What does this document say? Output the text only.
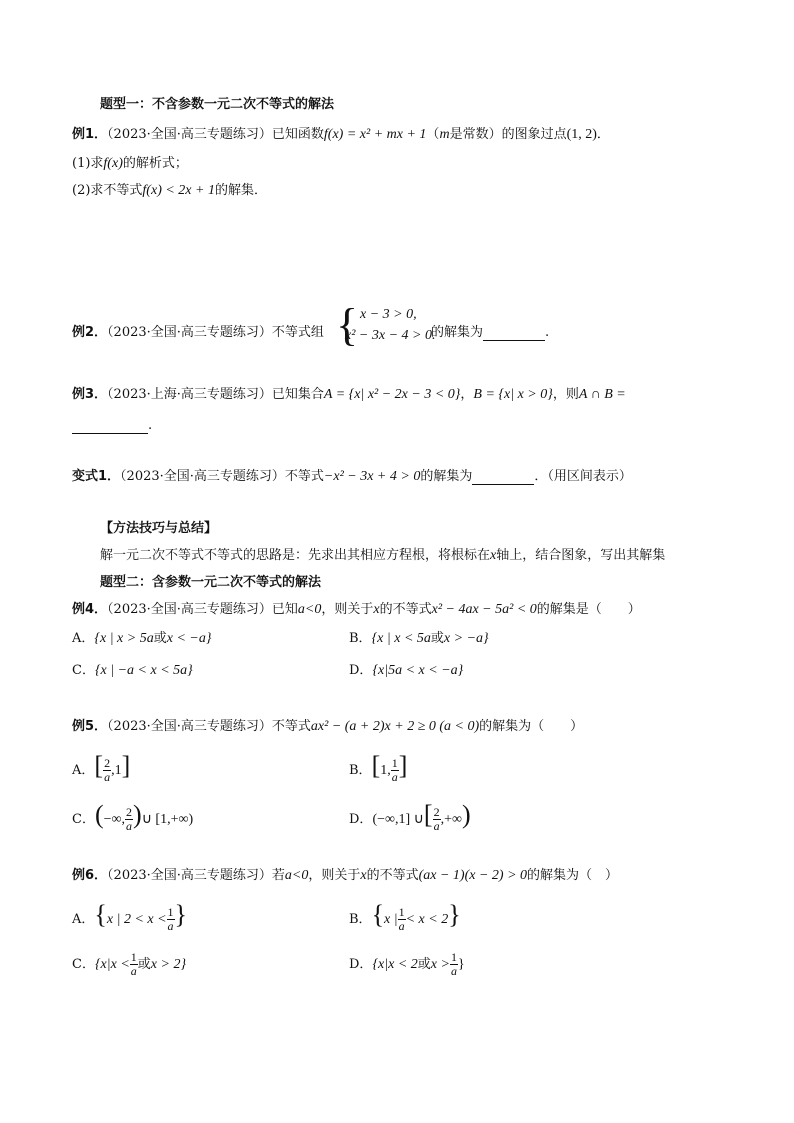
题型一：不含参数一元二次不等式的解法
例1．（2023·全国·高三专题练习）已知函数f(x) = x² + mx + 1（m是常数）的图象过点(1, 2)．
(1)求f(x)的解析式；
(2)求不等式f(x) < 2x + 1的解集．
例2．（2023·全国·高三专题练习）不等式组 { x − 3 > 0,
x² − 3x − 4 > 0.
的解集为	.
例3．（2023·上海·高三专题练习）已知集合A = {x| x² − 2x − 3 < 0}，B = {x| x > 0}，则A ∩ B =
.
变式1．（2023·全国·高三专题练习）不等式−x² − 3x + 4 > 0的解集为	．（用区间表示）
【方法技巧与总结】
解一元二次不等式不等式的思路是：先求出其相应方程根，将根标在x轴上，结合图象，写出其解集
题型二：含参数一元二次不等式的解法
例4．（2023·全国·高三专题练习）已知a<0，则关于x的不等式x² − 4ax − 5a² < 0的解集是（　　）
A．{x | x > 5a或x < −a}	B．{x | x < 5a或x > −a}
C．{x | −a < x < 5a}	D．{x|5a < x < −a}
例5．（2023·全国·高三专题练习）不等式ax² − (a + 2)x + 2 ≥ 0 (a < 0)的解集为（　　）
A．[ $\frac{2}{a} ,1$]	B．[1, $\frac{1}{a}$ ]
C．(−∞, $\frac{2}{a}$ )∪ [1,+∞)	D．(−∞,1] ∪[ $\frac{2}{a}$ ,+∞)
例6．（2023·全国·高三专题练习）若a<0，则关于x的不等式(ax − 1)(x − 2) > 0的解集为（　）
A．{x | $2 < x < \frac{1}{a}$ }	B．{x | $\frac{1}{a} < x < 2$}
C．{$x|x < \frac{1}{a}$ 或x > 2}	D．{x|x < 2或$x > \frac{1}{a}$ }
